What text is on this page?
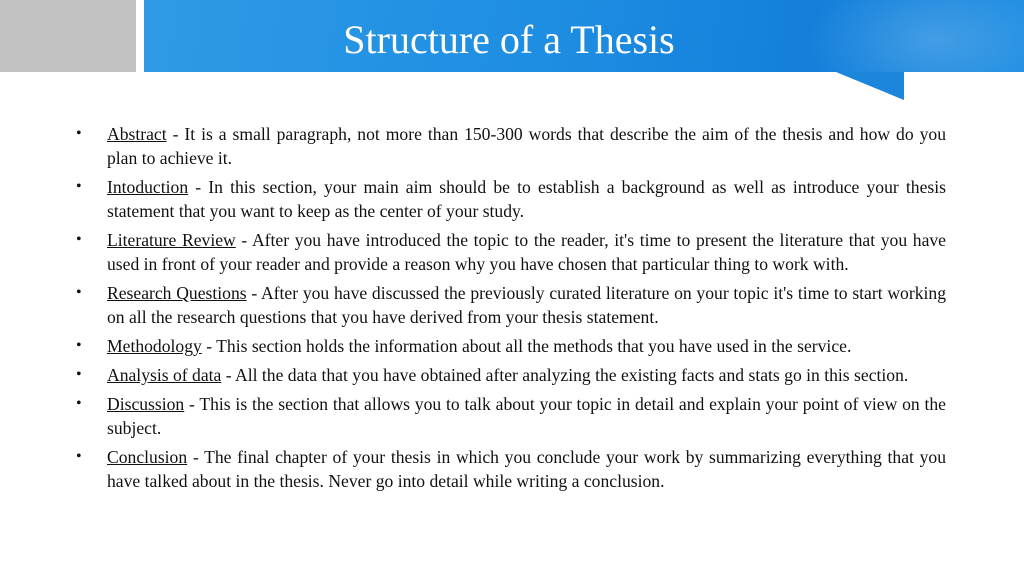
Structure of a Thesis
• Abstract - It is a small paragraph, not more than 150-300 words that describe the aim of the thesis and how do you plan to achieve it.
• Intoduction - In this section, your main aim should be to establish a background as well as introduce your thesis statement that you want to keep as the center of your study.
• Literature Review - After you have introduced the topic to the reader, it's time to present the literature that you have used in front of your reader and provide a reason why you have chosen that particular thing to work with.
• Research Questions - After you have discussed the previously curated literature on your topic it's time to start working on all the research questions that you have derived from your thesis statement.
• Methodology - This section holds the information about all the methods that you have used in the service.
• Analysis of data - All the data that you have obtained after analyzing the existing facts and stats go in this section.
• Discussion - This is the section that allows you to talk about your topic in detail and explain your point of view on the subject.
• Conclusion - The final chapter of your thesis in which you conclude your work by summarizing everything that you have talked about in the thesis. Never go into detail while writing a conclusion.
